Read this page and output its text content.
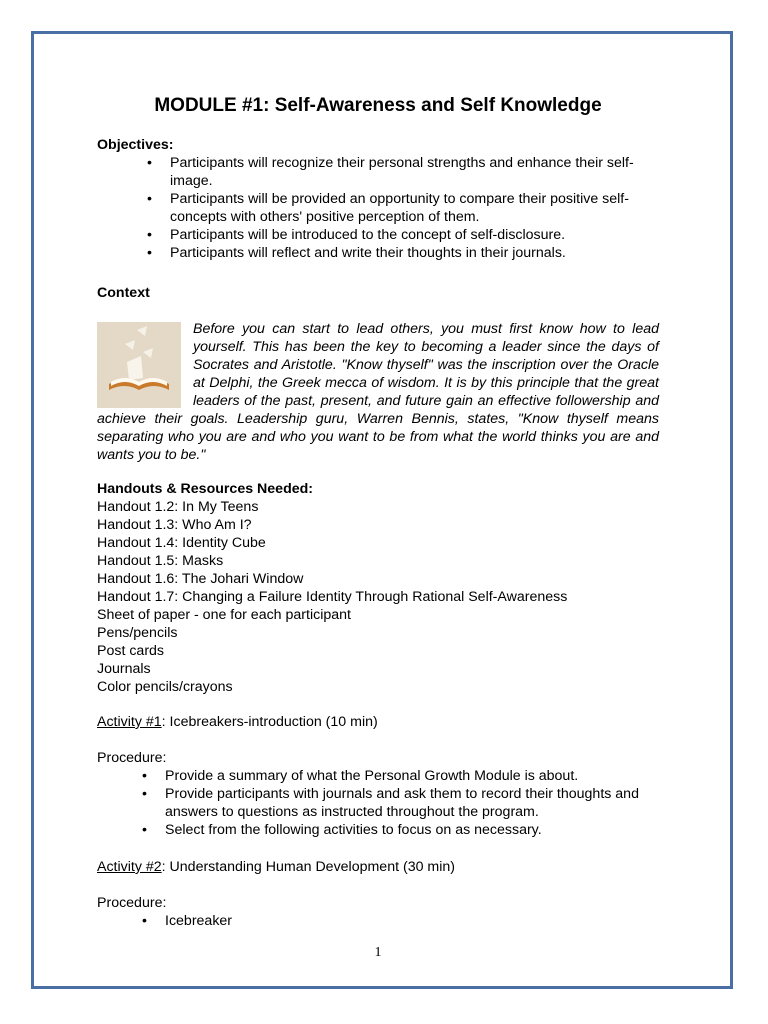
MODULE #1: Self-Awareness and Self Knowledge
Objectives:
• Participants will recognize their personal strengths and enhance their self-image.
• Participants will be provided an opportunity to compare their positive self-concepts with others' positive perception of them.
• Participants will be introduced to the concept of self-disclosure.
• Participants will reflect and write their thoughts in their journals.
Context
Before you can start to lead others, you must first know how to lead yourself. This has been the key to becoming a leader since the days of Socrates and Aristotle. "Know thyself" was the inscription over the Oracle at Delphi, the Greek mecca of wisdom. It is by this principle that the great leaders of the past, present, and future gain an effective followership and achieve their goals. Leadership guru, Warren Bennis, states, "Know thyself means separating who you are and who you want to be from what the world thinks you are and wants you to be."
Handouts & Resources Needed:
Handout 1.2: In My Teens
Handout 1.3: Who Am I?
Handout 1.4: Identity Cube
Handout 1.5: Masks
Handout 1.6: The Johari Window
Handout 1.7: Changing a Failure Identity Through Rational Self-Awareness
Sheet of paper - one for each participant
Pens/pencils
Post cards
Journals
Color pencils/crayons
Activity #1: Icebreakers-introduction (10 min)
Procedure:
• Provide a summary of what the Personal Growth Module is about.
• Provide participants with journals and ask them to record their thoughts and answers to questions as instructed throughout the program.
• Select from the following activities to focus on as necessary.
Activity #2: Understanding Human Development (30 min)
Procedure:
• Icebreaker
1
